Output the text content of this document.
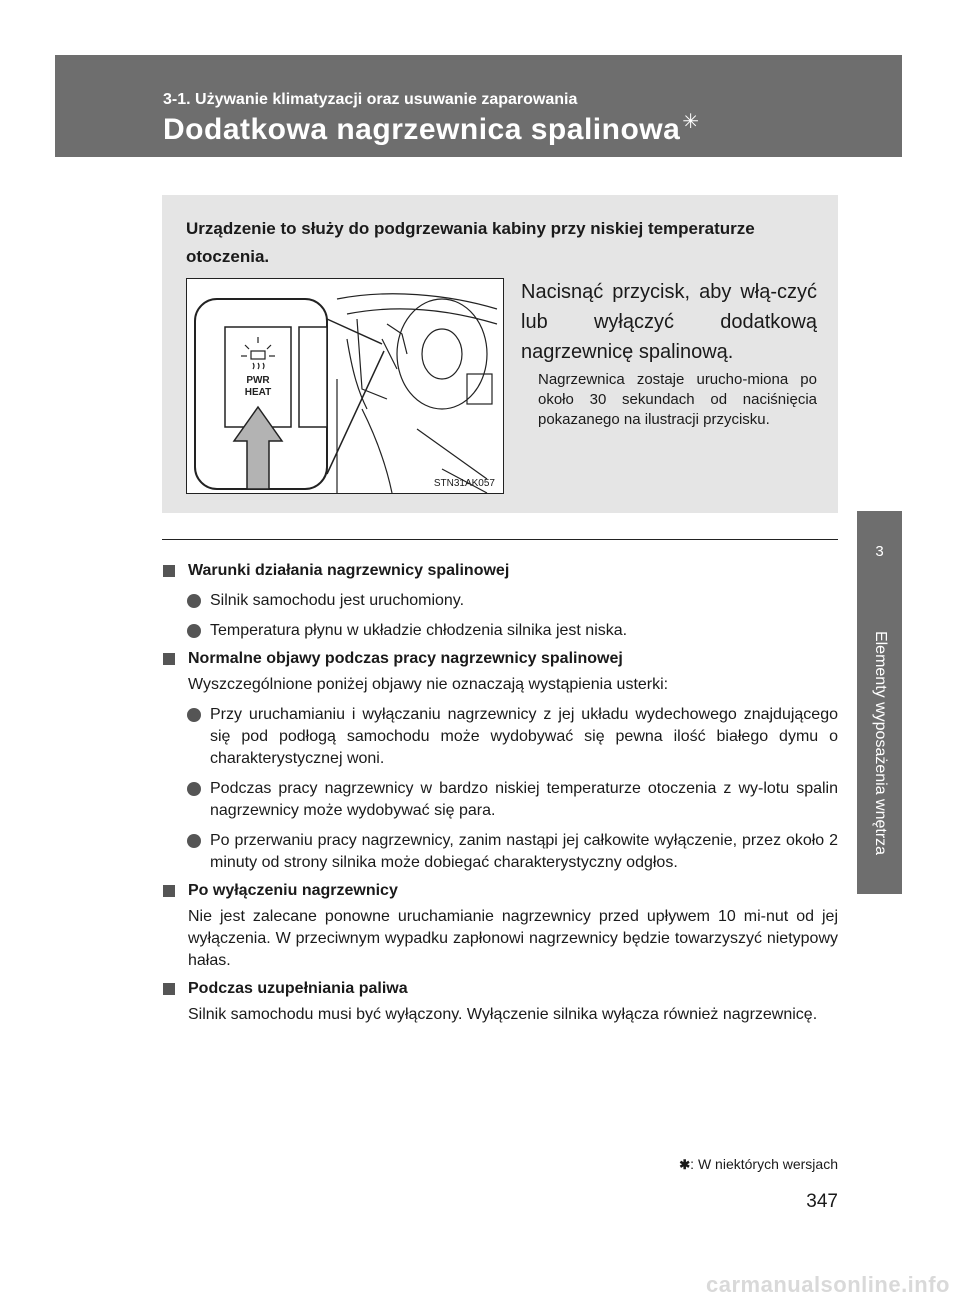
3-1. Używanie klimatyzacji oraz usuwanie zaparowania
Dodatkowa nagrzewnica spalinowa ✳
3
Elementy wyposażenia wnętrza
Urządzenie to służy do podgrzewania kabiny przy niskiej temperaturze otoczenia.
PWR
HEAT
STN31AK057
Nacisnąć przycisk, aby włą-czyć lub wyłączyć dodatkową nagrzewnicę spalinową.
Nagrzewnica zostaje urucho-miona po około 30 sekundach od naciśnięcia pokazanego na ilustracji przycisku.
Warunki działania nagrzewnicy spalinowej
Silnik samochodu jest uruchomiony.
Temperatura płynu w układzie chłodzenia silnika jest niska.
Normalne objawy podczas pracy nagrzewnicy spalinowej
Wyszczególnione poniżej objawy nie oznaczają wystąpienia usterki:
Przy uruchamianiu i wyłączaniu nagrzewnicy z jej układu wydechowego znajdującego się pod podłogą samochodu może wydobywać się pewna ilość białego dymu o charakterystycznej woni.
Podczas pracy nagrzewnicy w bardzo niskiej temperaturze otoczenia z wy-lotu spalin nagrzewnicy może wydobywać się para.
Po przerwaniu pracy nagrzewnicy, zanim nastąpi jej całkowite wyłączenie, przez około 2 minuty od strony silnika może dobiegać charakterystyczny odgłos.
Po wyłączeniu nagrzewnicy
Nie jest zalecane ponowne uruchamianie nagrzewnicy przed upływem 10 mi-nut od jej wyłączenia. W przeciwnym wypadku zapłonowi nagrzewnicy będzie towarzyszyć nietypowy hałas.
Podczas uzupełniania paliwa
Silnik samochodu musi być wyłączony. Wyłączenie silnika wyłącza również nagrzewnicę.
✱: W niektórych wersjach
347
carmanualsonline.info
